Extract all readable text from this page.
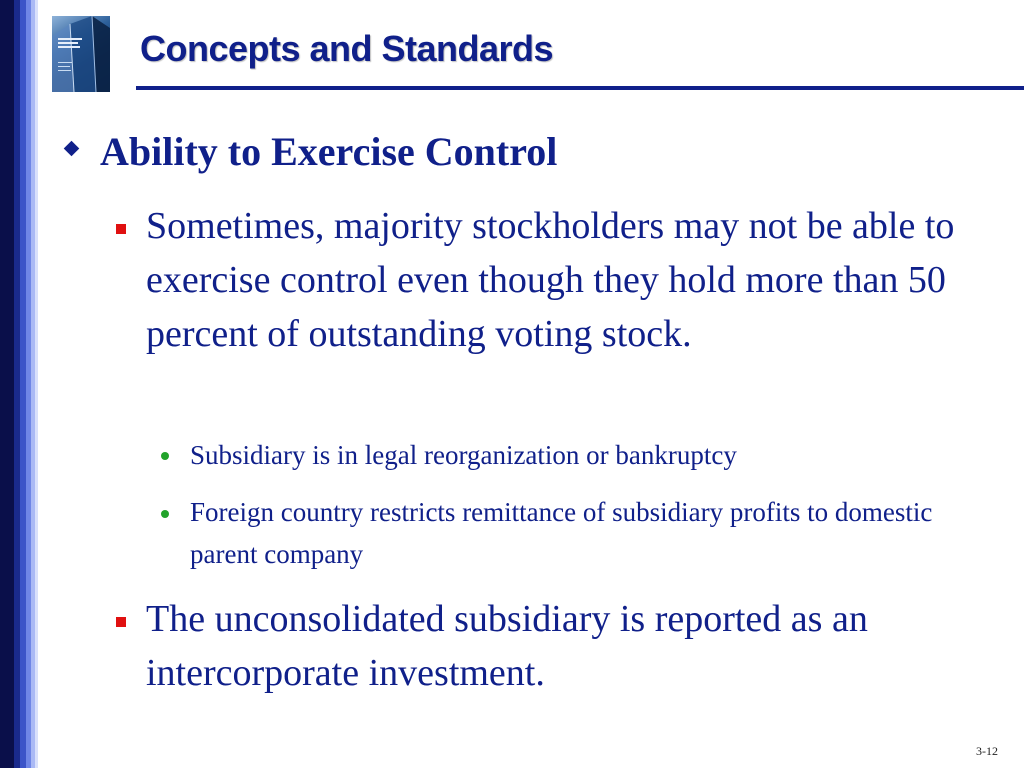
Concepts and Standards
Ability to Exercise Control
Sometimes, majority stockholders may not be able to exercise control even though they hold more than 50 percent of outstanding voting stock.
Subsidiary is in legal reorganization or bankruptcy
Foreign country restricts remittance of subsidiary profits to domestic parent company
The unconsolidated subsidiary is reported as an intercorporate investment.
3-12
